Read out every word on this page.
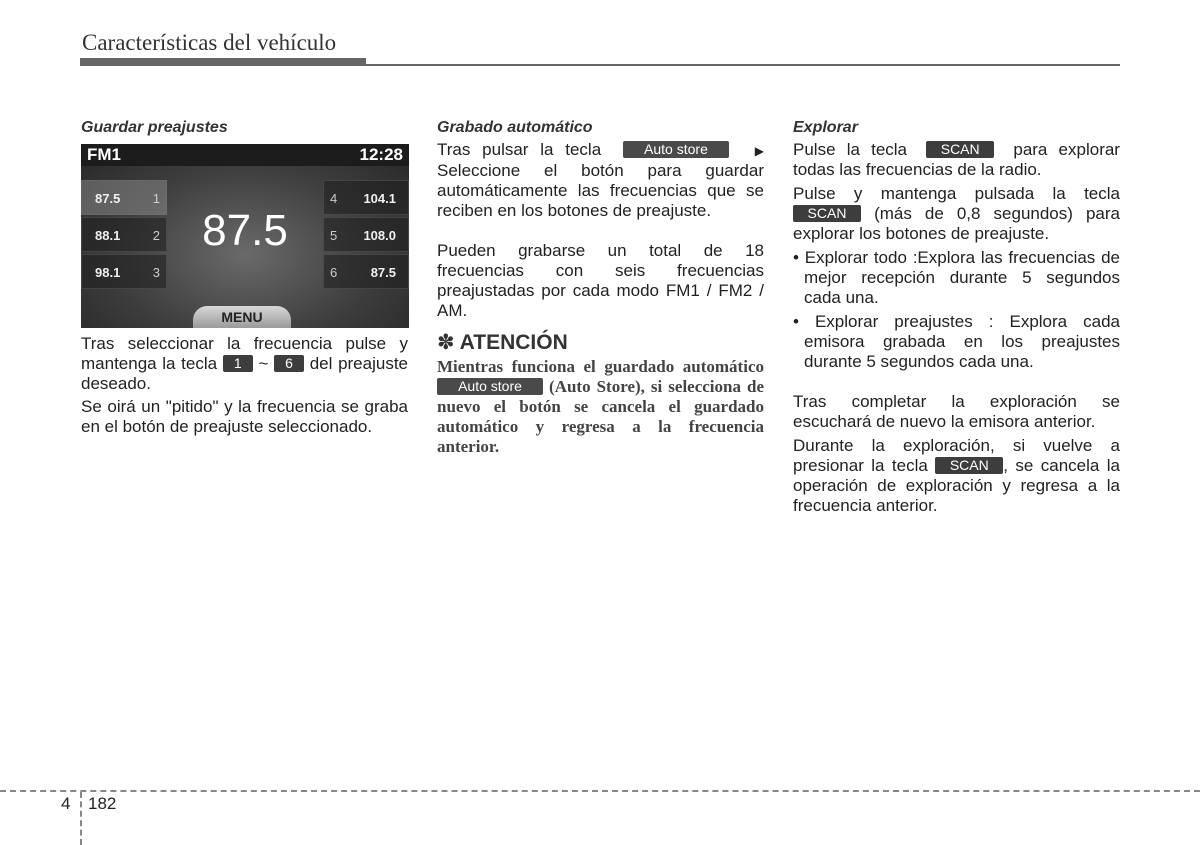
Características del vehículo
Guardar preajustes
FM1	12:28
87.5 1
88.1 2
98.1 3
4 104.1
5 108.0
6	87.5
87.5
MENU

Tras seleccionar la frecuencia pulse y mantenga la tecla 1 ~ 6 del preajuste deseado.

Se oirá un "pitido" y la frecuencia se graba en el botón de preajuste seleccionado.

Grabado automático

Tras pulsar la tecla	Auto store	▶ Seleccione el botón para guardar automáticamente las frecuencias que se reciben en los botones de preajuste.

Pueden grabarse un total de 18 frecuencias con seis frecuencias preajustadas por cada modo FM1 / FM2 / AM.

✽ ATENCIÓN

Mientras funciona el guardado automático Auto store (Auto Store), si selecciona de nuevo el botón se cancela el guardado automático y regresa a la frecuencia anterior.

Explorar

Pulse la tecla SCAN para explorar todas las frecuencias de la radio.

Pulse y mantenga pulsada la tecla SCAN (más de 0,8 segundos) para explorar los botones de preajuste.

• Explorar todo :Explora las frecuencias de mejor recepción durante 5 segundos cada una.

• Explorar preajustes : Explora cada emisora grabada en los preajustes durante 5 segundos cada una.

Tras completar la exploración se escuchará de nuevo la emisora anterior.

Durante la exploración, si vuelve a presionar la tecla SCAN , se cancela la operación de exploración y regresa a la frecuencia anterior.

4 182
